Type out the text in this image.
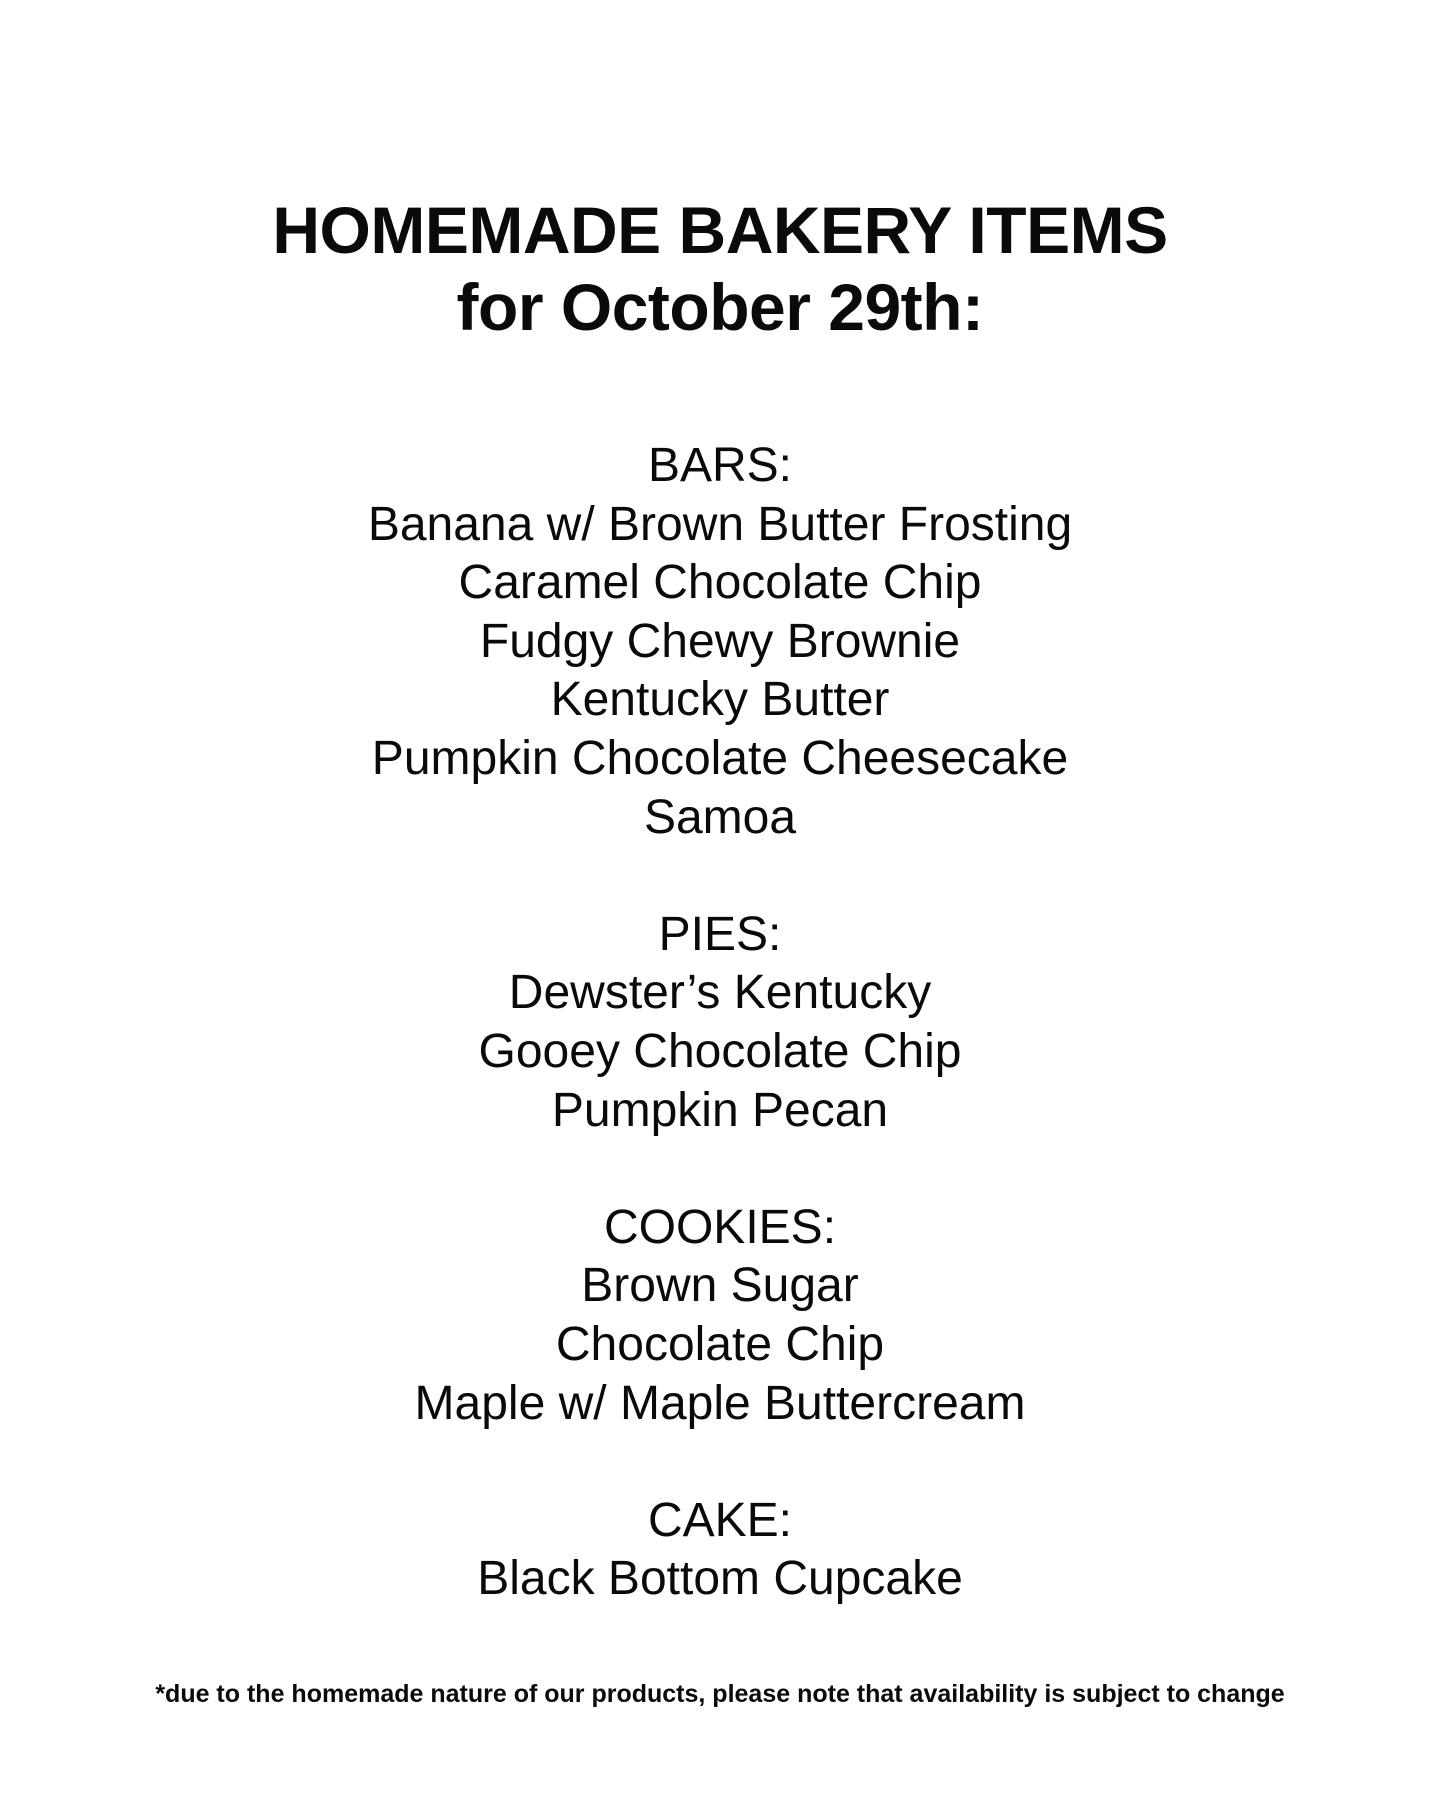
HOMEMADE BAKERY ITEMS
for October 29th:
BARS:
Banana w/ Brown Butter Frosting
Caramel Chocolate Chip
Fudgy Chewy Brownie
Kentucky Butter
Pumpkin Chocolate Cheesecake
Samoa
PIES:
Dewster’s Kentucky
Gooey Chocolate Chip
Pumpkin Pecan
COOKIES:
Brown Sugar
Chocolate Chip
Maple w/ Maple Buttercream
CAKE:
Black Bottom Cupcake
*due to the homemade nature of our products, please note that availability is subject to change
